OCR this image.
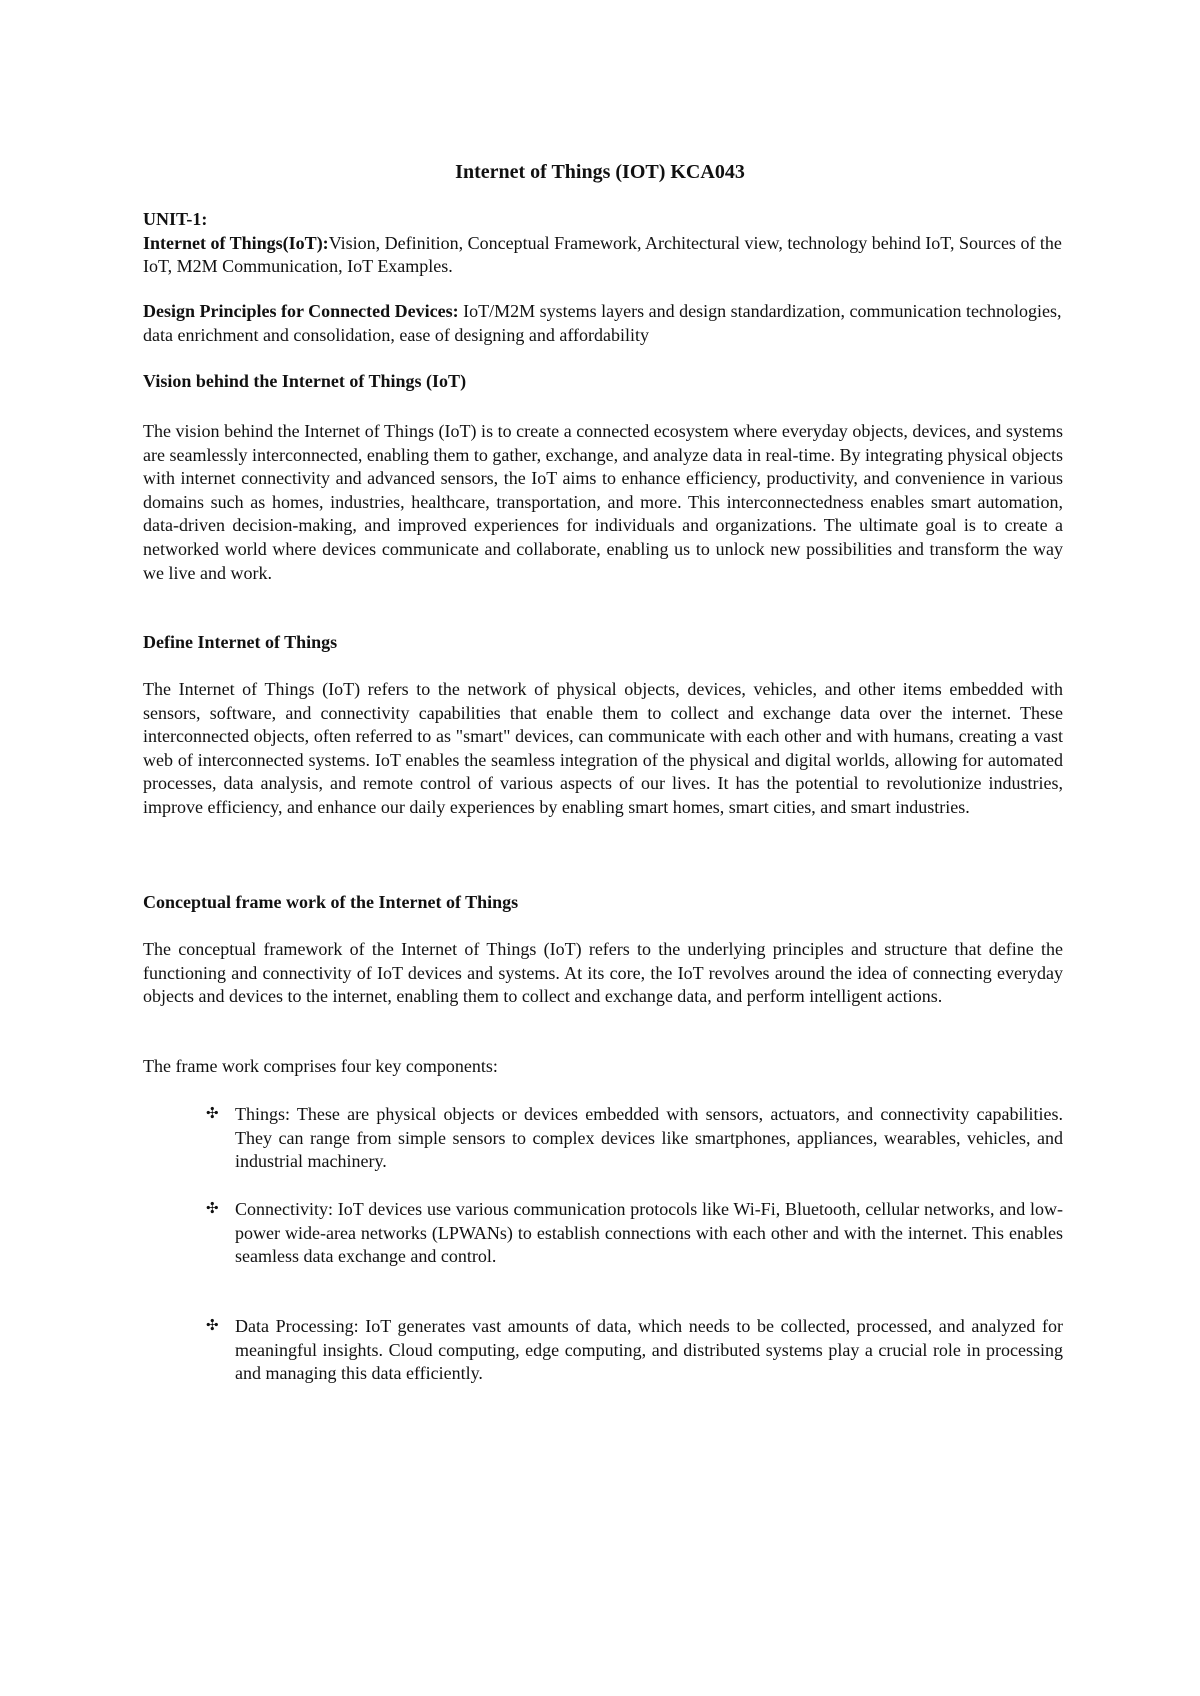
Internet of Things (IOT) KCA043
UNIT-1:
Internet of Things(IoT):Vision, Definition, Conceptual Framework, Architectural view, technology behind IoT, Sources of the IoT, M2M Communication, IoT Examples.
Design Principles for Connected Devices: IoT/M2M systems layers and design standardization, communication technologies, data enrichment and consolidation, ease of designing and affordability
Vision behind the Internet of Things (IoT)
The vision behind the Internet of Things (IoT) is to create a connected ecosystem where everyday objects, devices, and systems are seamlessly interconnected, enabling them to gather, exchange, and analyze data in real-time. By integrating physical objects with internet connectivity and advanced sensors, the IoT aims to enhance efficiency, productivity, and convenience in various domains such as homes, industries, healthcare, transportation, and more. This interconnectedness enables smart automation, data-driven decision-making, and improved experiences for individuals and organizations. The ultimate goal is to create a networked world where devices communicate and collaborate, enabling us to unlock new possibilities and transform the way we live and work.
Define Internet of Things
The Internet of Things (IoT) refers to the network of physical objects, devices, vehicles, and other items embedded with sensors, software, and connectivity capabilities that enable them to collect and exchange data over the internet. These interconnected objects, often referred to as "smart" devices, can communicate with each other and with humans, creating a vast web of interconnected systems. IoT enables the seamless integration of the physical and digital worlds, allowing for automated processes, data analysis, and remote control of various aspects of our lives. It has the potential to revolutionize industries, improve efficiency, and enhance our daily experiences by enabling smart homes, smart cities, and smart industries.
Conceptual frame work of the Internet of Things
The conceptual framework of the Internet of Things (IoT) refers to the underlying principles and structure that define the functioning and connectivity of IoT devices and systems. At its core, the IoT revolves around the idea of connecting everyday objects and devices to the internet, enabling them to collect and exchange data, and perform intelligent actions.
The frame work comprises four key components:
✣ Things: These are physical objects or devices embedded with sensors, actuators, and connectivity capabilities. They can range from simple sensors to complex devices like smartphones, appliances, wearables, vehicles, and industrial machinery.
✣ Connectivity: IoT devices use various communication protocols like Wi-Fi, Bluetooth, cellular networks, and low-power wide-area networks (LPWANs) to establish connections with each other and with the internet. This enables seamless data exchange and control.
✣ Data Processing: IoT generates vast amounts of data, which needs to be collected, processed, and analyzed for meaningful insights. Cloud computing, edge computing, and distributed systems play a crucial role in processing and managing this data efficiently.
